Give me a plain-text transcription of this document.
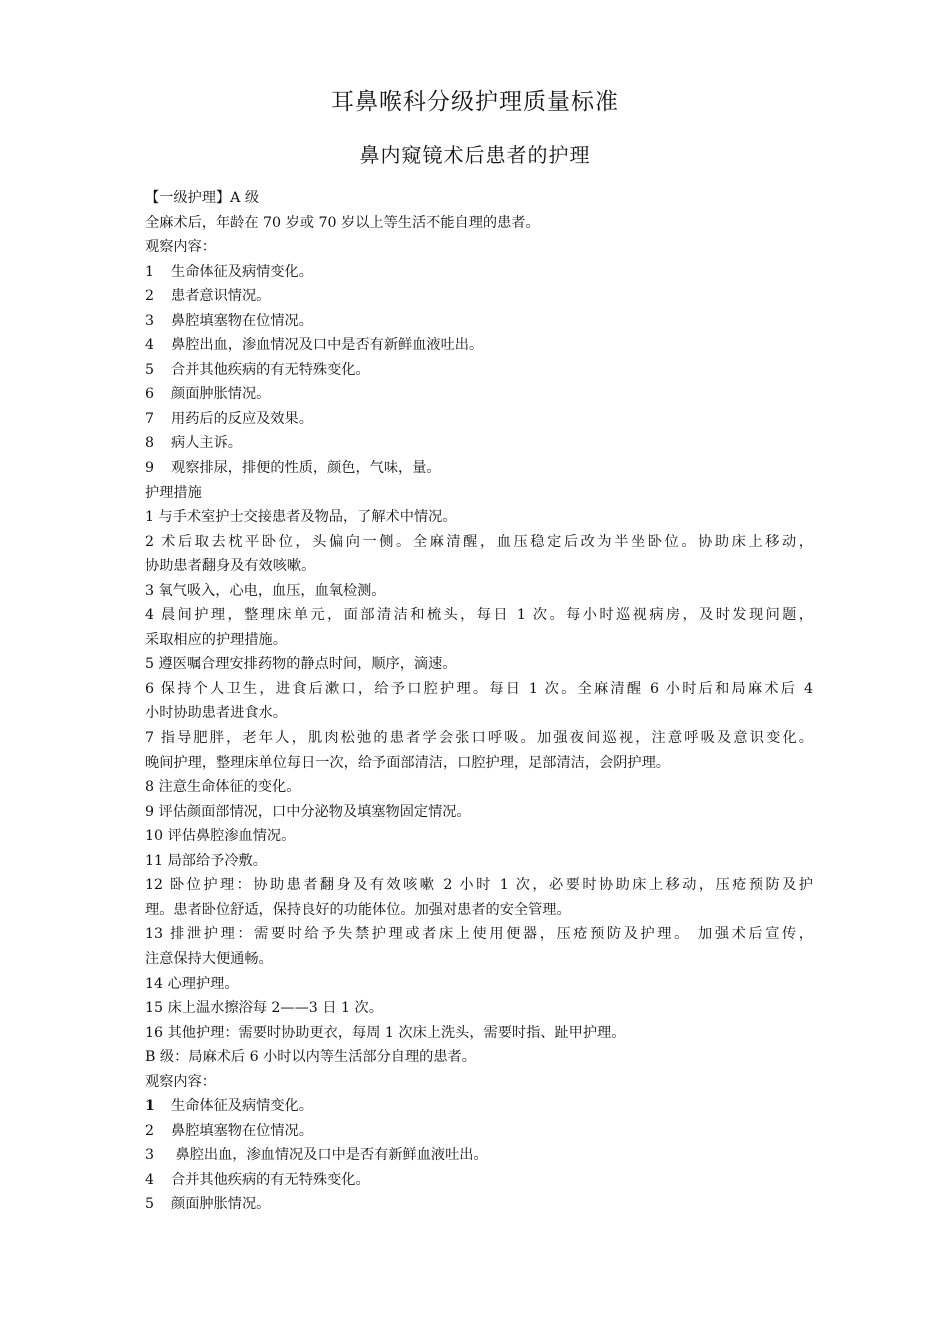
耳鼻喉科分级护理质量标准
鼻内窥镜术后患者的护理
【一级护理】A 级
全麻术后，年龄在 70 岁或 70 岁以上等生活不能自理的患者。
观察内容：
1 生命体征及病情变化。
2 患者意识情况。
3 鼻腔填塞物在位情况。
4 鼻腔出血，渗血情况及口中是否有新鲜血液吐出。
5 合并其他疾病的有无特殊变化。
6 颜面肿胀情况。
7 用药后的反应及效果。
8 病人主诉。
9 观察排尿，排便的性质，颜色，气味，量。
护理措施
1 与手术室护士交接患者及物品，了解术中情况。
2 术后取去枕平卧位，头偏向一侧。全麻清醒，血压稳定后改为半坐卧位。协助床上移动，
协助患者翻身及有效咳嗽。
3 氧气吸入，心电，血压，血氧检测。
4 晨间护理，整理床单元，面部清洁和梳头，每日 1 次。每小时巡视病房，及时发现问题，
采取相应的护理措施。
5 遵医嘱合理安排药物的静点时间，顺序，滴速。
6 保持个人卫生，进食后漱口，给予口腔护理。每日 1 次。全麻清醒 6 小时后和局麻术后 4
小时协助患者进食水。
7 指导肥胖，老年人，肌肉松弛的患者学会张口呼吸。加强夜间巡视，注意呼吸及意识变化。
晚间护理，整理床单位每日一次，给予面部清洁，口腔护理，足部清洁，会阴护理。
8 注意生命体征的变化。
9 评估颜面部情况，口中分泌物及填塞物固定情况。
10 评估鼻腔渗血情况。
11 局部给予冷敷。
12 卧位护理：协助患者翻身及有效咳嗽 2 小时 1 次，必要时协助床上移动，压疮预防及护
理。患者卧位舒适，保持良好的功能体位。加强对患者的安全管理。
13 排泄护理：需要时给予失禁护理或者床上使用便器，压疮预防及护理。 加强术后宣传，
注意保持大便通畅。
14 心理护理。
15 床上温水擦浴每 2——3 日 1 次。
16 其他护理：需要时协助更衣，每周 1 次床上洗头，需要时指、趾甲护理。
B 级：局麻术后 6 小时以内等生活部分自理的患者。
观察内容：
1 生命体征及病情变化。
2 鼻腔填塞物在位情况。
3 鼻腔出血，渗血情况及口中是否有新鲜血液吐出。
4 合并其他疾病的有无特殊变化。
5 颜面肿胀情况。
